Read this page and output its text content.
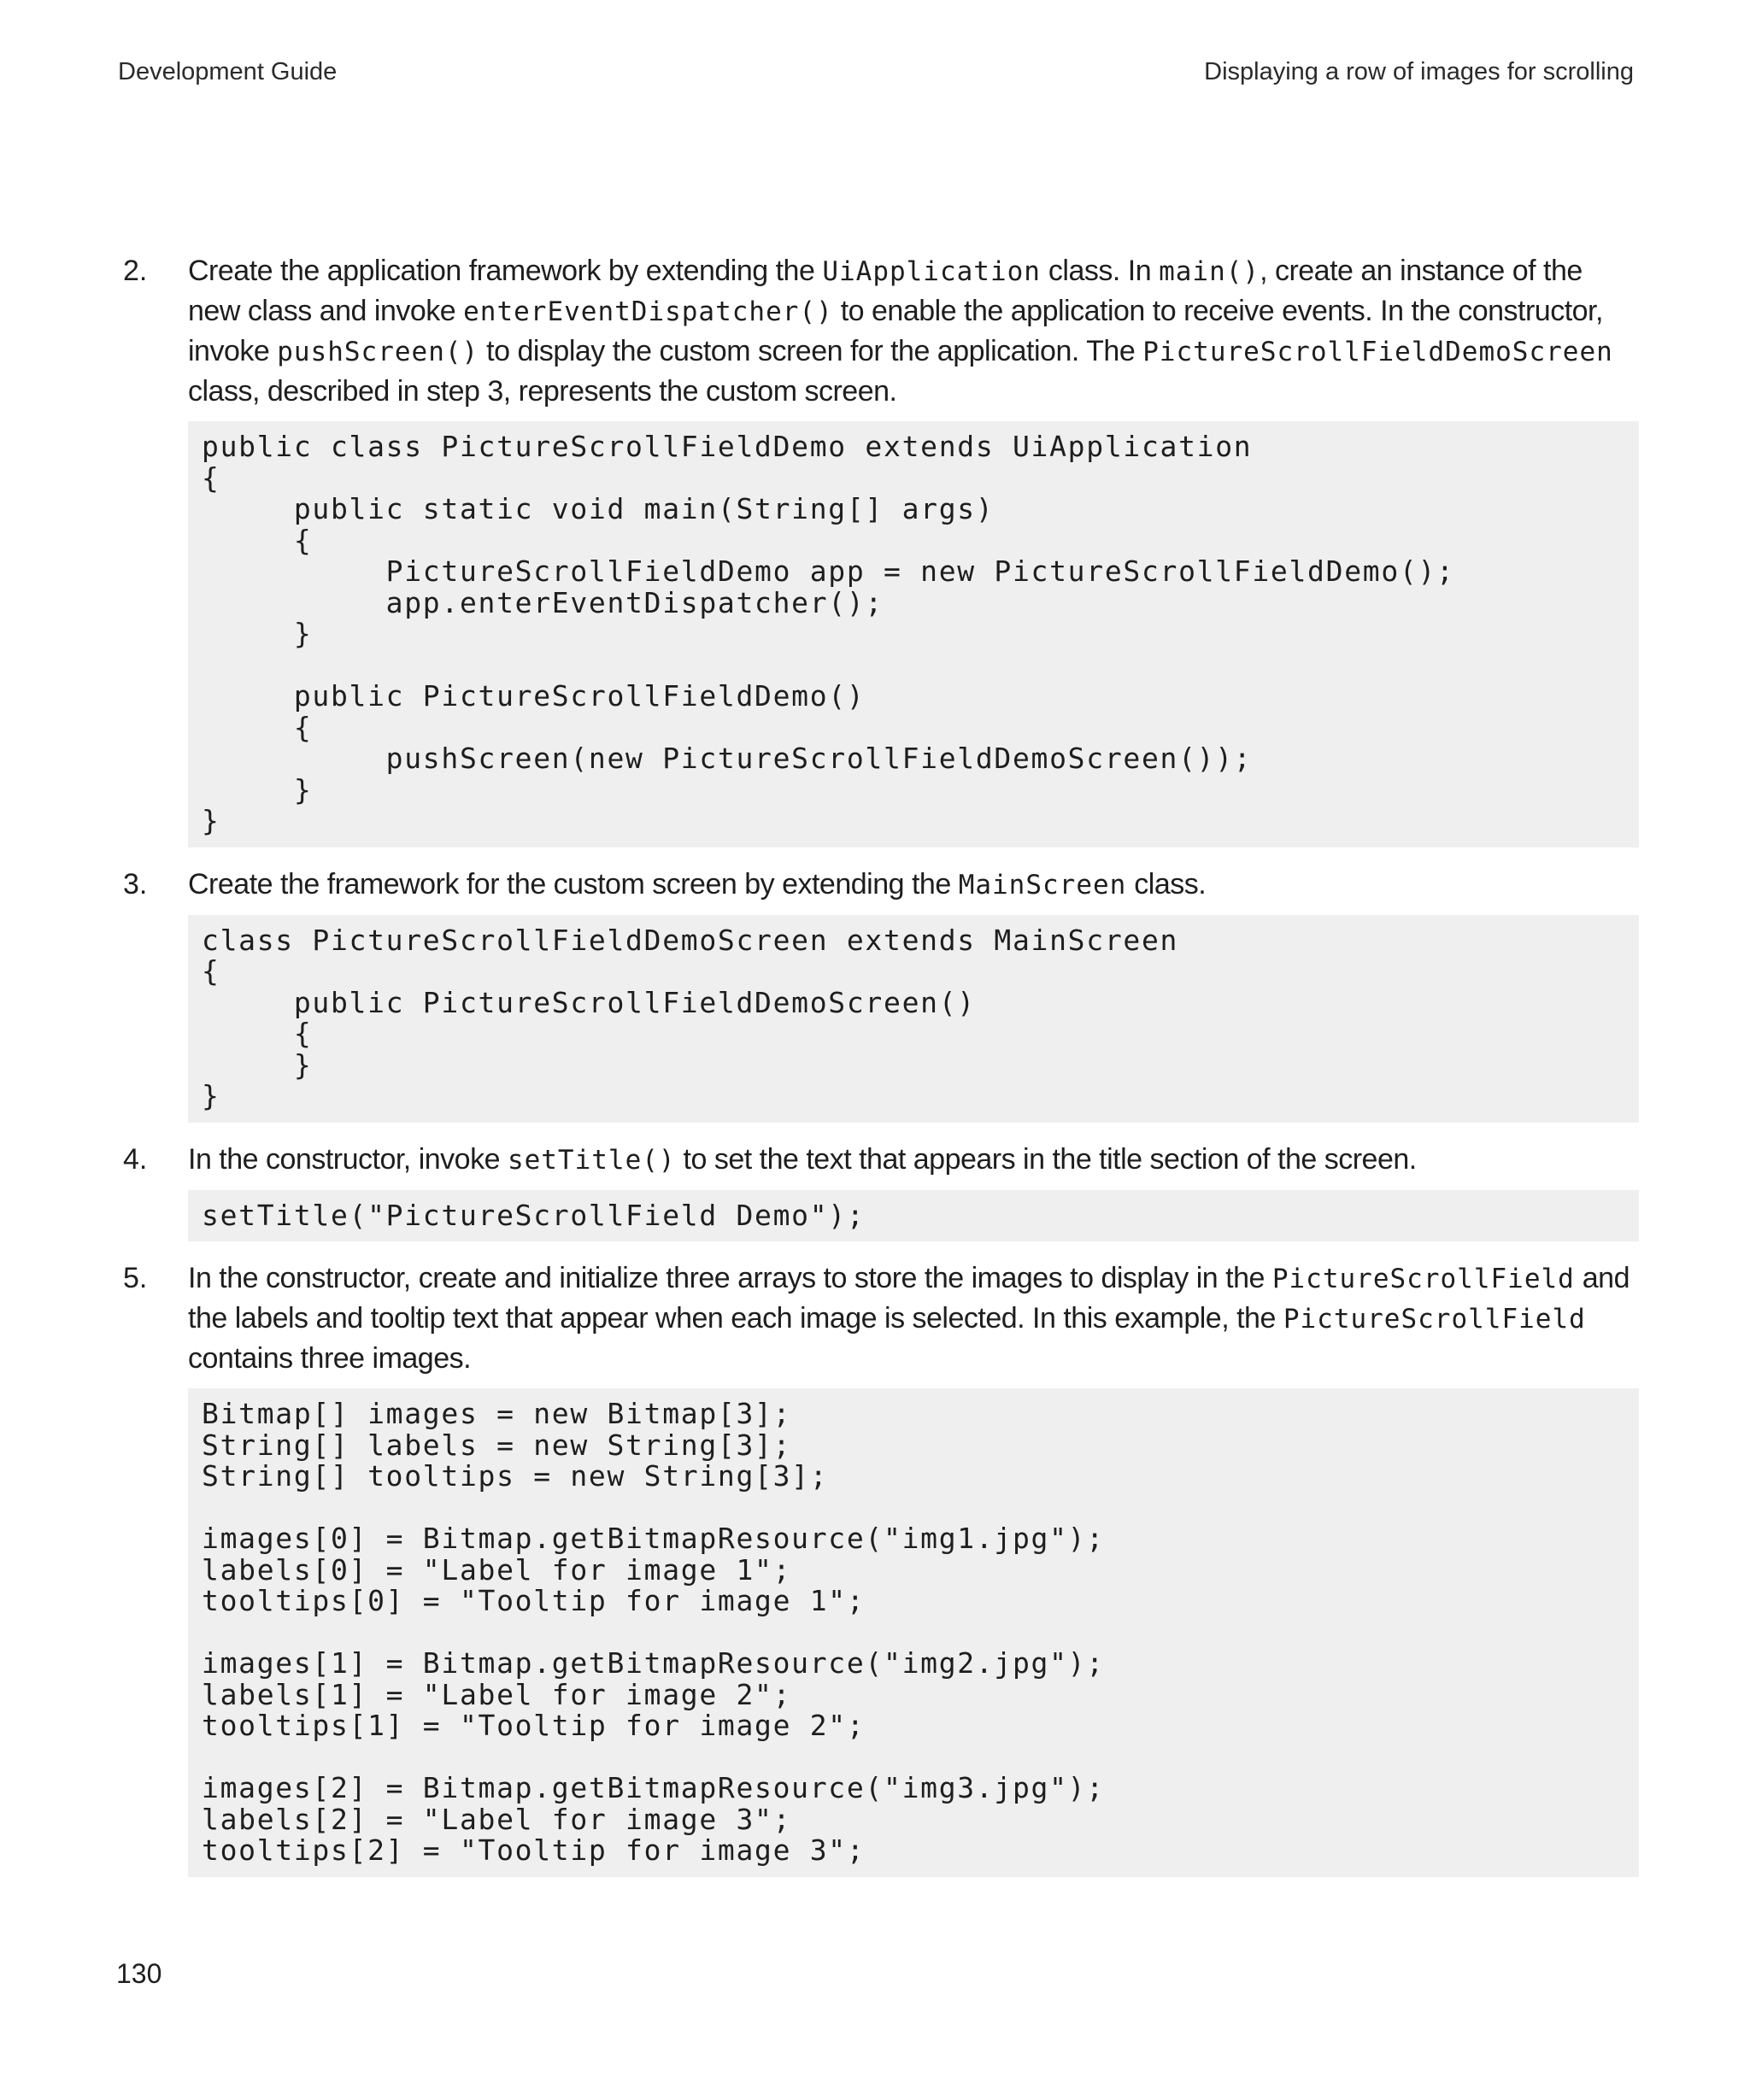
Development Guide	Displaying a row of images for scrolling
2. Create the application framework by extending the UiApplication class. In main(), create an instance of the new class and invoke enterEventDispatcher() to enable the application to receive events. In the constructor, invoke pushScreen() to display the custom screen for the application. The PictureScrollFieldDemoScreen class, described in step 3, represents the custom screen.

public class PictureScrollFieldDemo extends UiApplication
{
public static void main(String[] args)
{
PictureScrollFieldDemo app = new PictureScrollFieldDemo();
app.enterEventDispatcher();
}
public PictureScrollFieldDemo()
{
pushScreen(new PictureScrollFieldDemoScreen());
}
}
3. Create the framework for the custom screen by extending the MainScreen class.

class PictureScrollFieldDemoScreen extends MainScreen
{
public PictureScrollFieldDemoScreen()
{
}
}
4. In the constructor, invoke setTitle() to set the text that appears in the title section of the screen.

setTitle("PictureScrollField Demo");
5. In the constructor, create and initialize three arrays to store the images to display in the PictureScrollField and the labels and tooltip text that appear when each image is selected. In this example, the PictureScrollField contains three images.

Bitmap[] images = new Bitmap[3];
String[] labels = new String[3];
String[] tooltips = new String[3];
images[0] = Bitmap.getBitmapResource("img1.jpg");
labels[0] = "Label for image 1";
tooltips[0] = "Tooltip for image 1";
images[1] = Bitmap.getBitmapResource("img2.jpg");
labels[1] = "Label for image 2";
tooltips[1] = "Tooltip for image 2";
images[2] = Bitmap.getBitmapResource("img3.jpg");
labels[2] = "Label for image 3";
tooltips[2] = "Tooltip for image 3";
130
